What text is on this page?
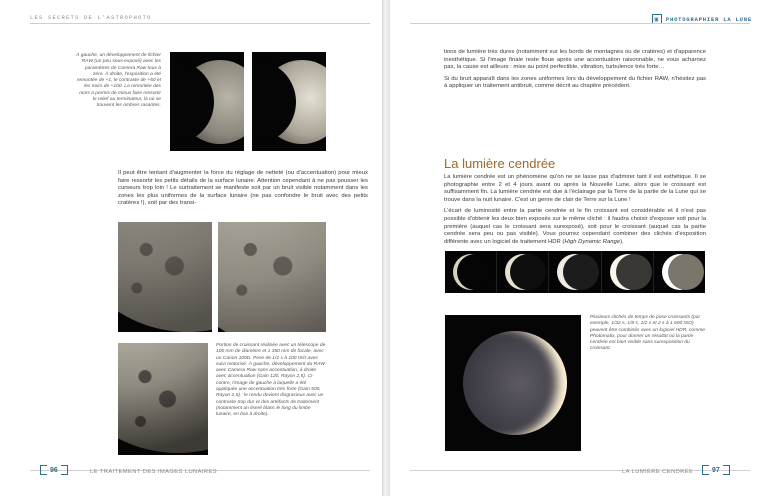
LES SECRETS DE L'ASTROPHOTO
À gauche, un développement de fichier RAW (un peu sous-exposé) avec les paramètres de Camera Raw tous à zéro. À droite, l'exposition a été remontée de +1, le contraste de +50 et les noirs de +100. La remontée des noirs a permis de mieux faire ressortir le relief au terminateur, là où se trouvent les ombres rasantes.
Il peut être tentant d'augmenter la force du réglage de netteté (ou d'accentuation) pour mieux faire ressortir les petits détails de la surface lunaire. Attention cependant à ne pas pousser les curseurs trop loin ! Le surtraitement se manifeste soit par un bruit visible notamment dans les zones les plus uniformes de la surface lunaire (ne pas confondre le bruit avec des petits cratères !), soit par des transi-
Portion de croissant réalisée avec un télescope de 100 mm de diamètre et 1 350 mm de focale, avec un Canon 100D. Pose de 1/2 s à 100 ISO avec suivi motorisé. À gauche, développement du RAW avec Camera Raw sans accentuation, à droite avec accentuation (Gain 120, Rayon 2,5). Ci-contre, l'image de gauche à laquelle a été appliquée une accentuation très forte (Gain 500, Rayon 2,5) : le rendu devient disgracieux avec un contraste trop dur et des artéfacts de traitement (notamment un liseré blanc le long du limbe lunaire, en bas à droite).
96	LE TRAITEMENT DES IMAGES LUNAIRES
▣	PHOTOGRAPHIER LA LUNE

tions de lumière très dures (notamment sur les bords de montagnes ou de cratères) et d'apparence inesthétique. Si l'image finale reste floue après une accentuation raisonnable, ne vous acharnez pas, la cause est ailleurs : mise au point perfectible, vibration, turbulence très forte…

Si du bruit apparaît dans les zones uniformes lors du développement du fichier RAW, n'hésitez pas à appliquer un traitement antibruit, comme décrit au chapitre précédent.

La lumière cendrée

La lumière cendrée est un phénomène qu'on ne se lasse pas d'admirer tant il est esthétique. Il se photographie entre 2 et 4 jours avant ou après la Nouvelle Lune, alors que le croissant est suffisamment fin. La lumière cendrée est due à l'éclairage par la Terre de la partie de la Lune qui se trouve dans la nuit lunaire. C'est un genre de clair de Terre sur la Lune !

L'écart de luminosité entre la partie cendrée et le fin croissant est considérable et il n'est pas possible d'obtenir les deux bien exposés sur le même cliché : il faudra choisir d'exposer soit pour la première (auquel cas le croissant sera surexposé), soit pour le croissant (auquel cas la partie cendrée sera peu ou pas visible). Vous pourrez cependant combiner des clichés d'exposition différente avec un logiciel de traitement HDR (High Dynamic Range).

Plusieurs clichés de temps de pose croissants (par exemple, 1/32 s, 1/8 s, 1/2 s et 2 s à 1 600 ISO) peuvent être combinés avec un logiciel HDR, comme Photomatix, pour donner un résultat où la partie cendrée est bien visible sans surexposition du croissant.
LA LUMIÈRE CENDRÉE	97
